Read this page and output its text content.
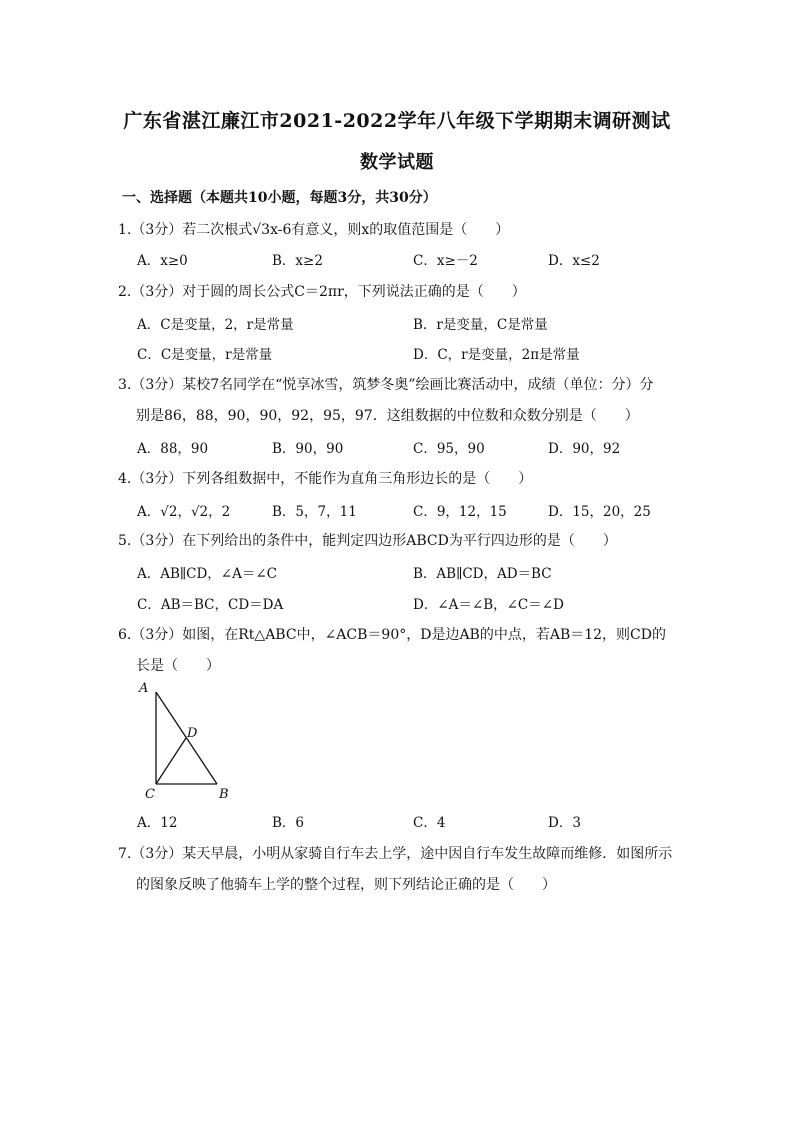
广东省湛江廉江市2021-2022学年八年级下学期期末调研测试
数学试题
一、选择题（本题共10小题，每题3分，共30分）
1.（3分）若二次根式√3x-6有意义，则x的取值范围是（　　）
A．x≥0	B．x≥2	C．x≥－2	D．x≤2
2.（3分）对于圆的周长公式C＝2πr，下列说法正确的是（　　）
A．C是变量，2，r是常量	B．r是变量，C是常量
C．C是变量，r是常量	D．C，r是变量，2π是常量
3.（3分）某校7名同学在“悦享冰雪，筑梦冬奥”绘画比赛活动中，成绩（单位：分）分
别是86，88，90，90，92，95，97．这组数据的中位数和众数分别是（　　）
A．88，90	B．90，90	C．95，90	D．90，92
4.（3分）下列各组数据中，不能作为直角三角形边长的是（　　）
A．√2，√2，2	B．5，7，11	C．9，12，15	D．15，20，25
5.（3分）在下列给出的条件中，能判定四边形ABCD为平行四边形的是（　　）
A．AB∥CD，∠A＝∠C	B．AB∥CD，AD＝BC
C．AB＝BC，CD＝DA	D．∠A＝∠B，∠C＝∠D
6.（3分）如图，在Rt△ABC中，∠ACB＝90°，D是边AB的中点，若AB＝12，则CD的
长是（　　）
A
D
C	B
A．12	B．6	C．4	D．3
7.（3分）某天早晨，小明从家骑自行车去上学，途中因自行车发生故障而维修．如图所示
的图象反映了他骑车上学的整个过程，则下列结论正确的是（　　）
